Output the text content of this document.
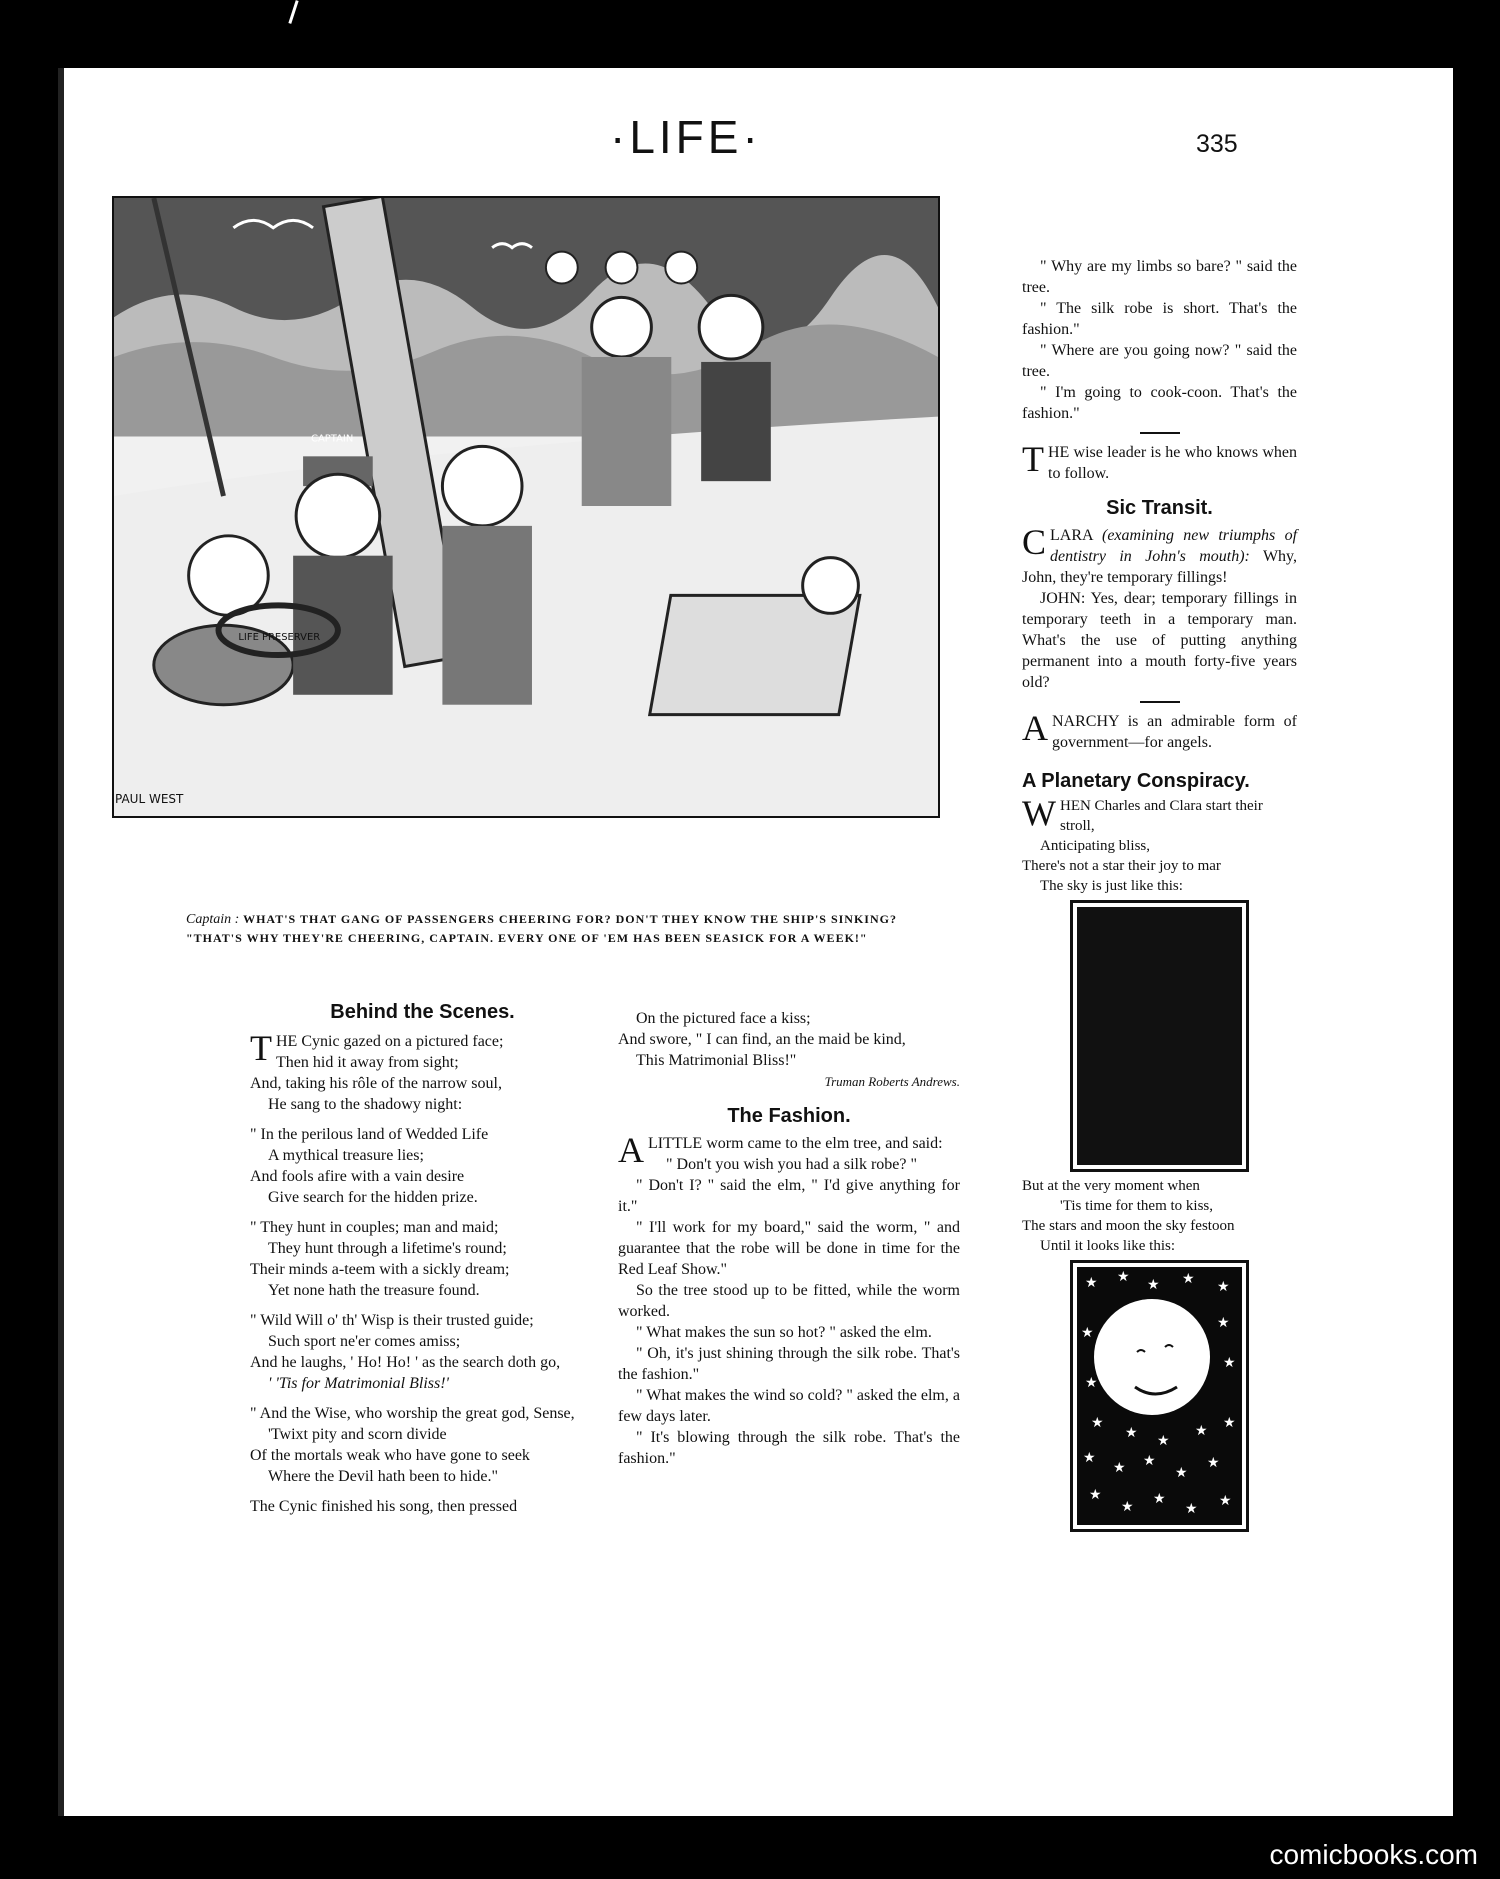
·LIFE·	335
CAPTAIN
LIFE PRESERVER
PAUL WEST
Captain : WHAT'S THAT GANG OF PASSENGERS CHEERING FOR? DON'T THEY KNOW THE SHIP'S SINKING?
"THAT'S WHY THEY'RE CHEERING, CAPTAIN. EVERY ONE OF 'EM HAS BEEN SEASICK FOR A WEEK!"
Behind the Scenes.
T HE Cynic gazed on a pictured face;

Then hid it away from sight;

And, taking his rôle of the narrow soul,

He sang to the shadowy night:

" In the perilous land of Wedded Life

A mythical treasure lies;

And fools afire with a vain desire

Give search for the hidden prize.

" They hunt in couples; man and maid;

They hunt through a lifetime's round;

Their minds a-teem with a sickly dream;

Yet none hath the treasure found.

" Wild Will o' th' Wisp is their trusted guide;

Such sport ne'er comes amiss;

And he laughs, ' Ho! Ho! ' as the search doth go,

' 'Tis for Matrimonial Bliss!'

" And the Wise, who worship the great god, Sense,

'Twixt pity and scorn divide

Of the mortals weak who have gone to seek

Where the Devil hath been to hide."

The Cynic finished his song, then pressed

On the pictured face a kiss;

And swore, " I can find, an the maid be kind,

This Matrimonial Bliss!"

Truman Roberts Andrews.
The Fashion.

ALITTLE worm came to the elm tree, and said:

" Don't you wish you had a silk robe? "

" Don't I? " said the elm, " I'd give anything for it."

" I'll work for my board," said the worm, " and guarantee that the robe will be done in time for the Red Leaf Show."

So the tree stood up to be fitted, while the worm worked.

" What makes the sun so hot? " asked the elm.

" Oh, it's just shining through the silk robe. That's the fashion."

" What makes the wind so cold? " asked the elm, a few days later.

" It's blowing through the silk robe. That's the fashion."

" Why are my limbs so bare? " said the tree.

" The silk robe is short. That's the fashion."

" Where are you going now? " said the tree.

" I'm going to cook-coon. That's the fashion."

THE wise leader is he who knows when to follow.

Sic Transit.

CLARA (examining new triumphs of dentistry in John's mouth): Why, John, they're temporary fillings!

JOHN: Yes, dear; temporary fillings in temporary teeth in a temporary man. What's the use of putting anything permanent into a mouth forty-five years old?

ANARCHY is an admirable form of government—for angels.

A Planetary Conspiracy.

WHEN Charles and Clara start their stroll,

Anticipating bliss,

There's not a star their joy to mar

The sky is just like this:

But at the very moment when

'Tis time for them to kiss,

The stars and moon the sky festoon

Until it looks like this:

★ ★ ★ ★ ★
★
★ ★
★ ★
★
★ ★
★
★
★
★ ★
★ ★
★
★
★
★
comicbooks.com
